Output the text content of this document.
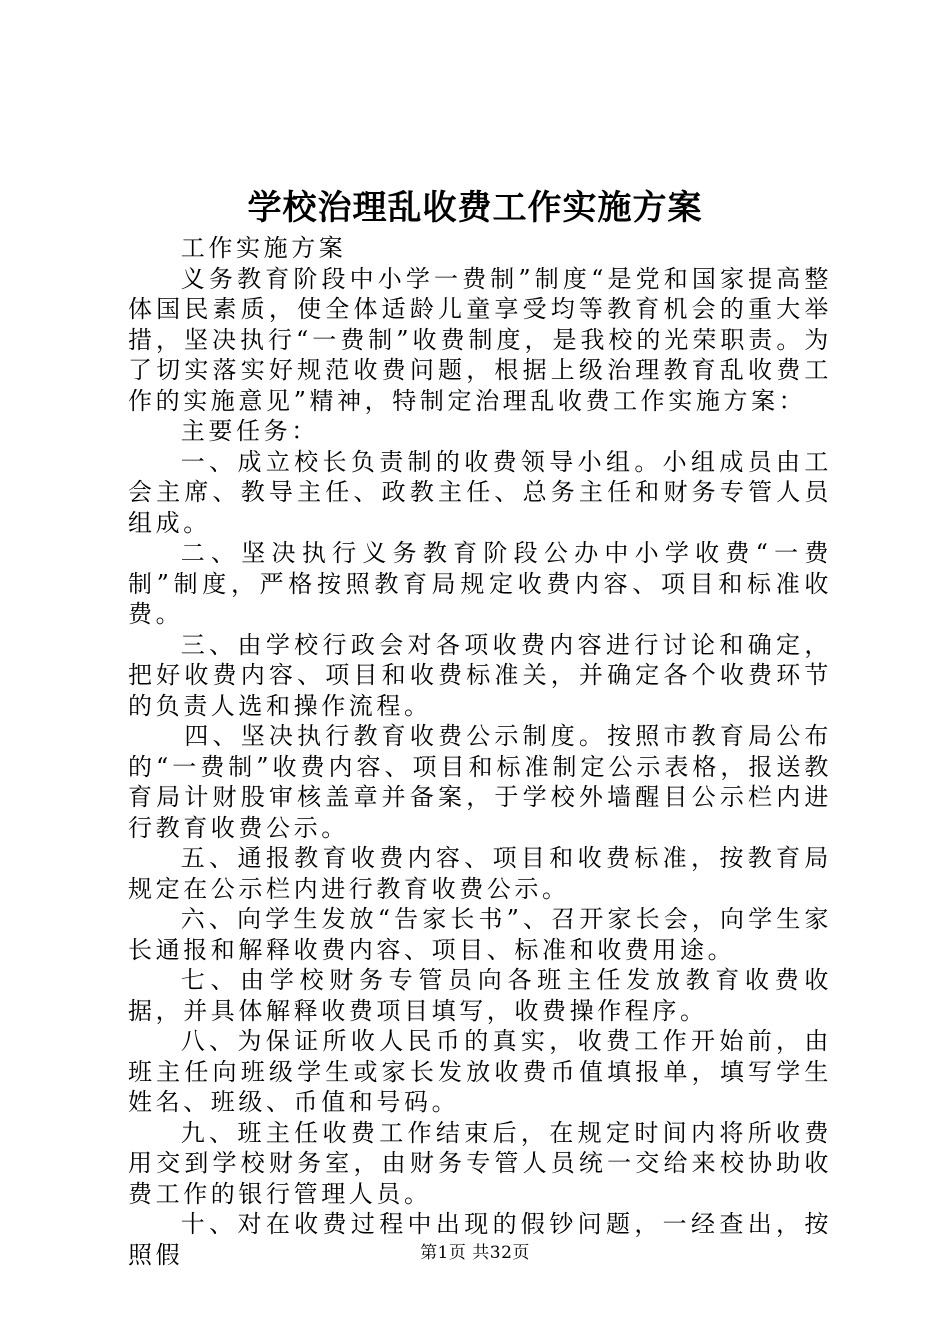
学校治理乱收费工作实施方案

工作实施方案

义务教育阶段中小学一费制”制度“是党和国家提高整体国民素质，使全体适龄儿童享受均等教育机会的重大举措，坚决执行“一费制”收费制度，是我校的光荣职责。为了切实落实好规范收费问题，根据上级治理教育乱收费工作的实施意见”精神，特制定治理乱收费工作实施方案：

主要任务：

一、成立校长负责制的收费领导小组。小组成员由工会主席、教导主任、政教主任、总务主任和财务专管人员组成。

二、坚决执行义务教育阶段公办中小学收费“一费制”制度，严格按照教育局规定收费内容、项目和标准收费。

三、由学校行政会对各项收费内容进行讨论和确定，把好收费内容、项目和收费标准关，并确定各个收费环节的负责人选和操作流程。

四、坚决执行教育收费公示制度。按照市教育局公布的“一费制”收费内容、项目和标准制定公示表格，报送教育局计财股审核盖章并备案，于学校外墙醒目公示栏内进行教育收费公示。

五、通报教育收费内容、项目和收费标准，按教育局规定在公示栏内进行教育收费公示。

六、向学生发放“告家长书”、召开家长会，向学生家长通报和解释收费内容、项目、标准和收费用途。

七、由学校财务专管员向各班主任发放教育收费收据，并具体解释收费项目填写，收费操作程序。

八、为保证所收人民币的真实，收费工作开始前，由班主任向班级学生或家长发放收费币值填报单，填写学生姓名、班级、币值和号码。

九、班主任收费工作结束后，在规定时间内将所收费用交到学校财务室，由财务专管人员统一交给来校协助收费工作的银行管理人员。

十、对在收费过程中出现的假钞问题，一经查出，按照假	第1页 共32页
